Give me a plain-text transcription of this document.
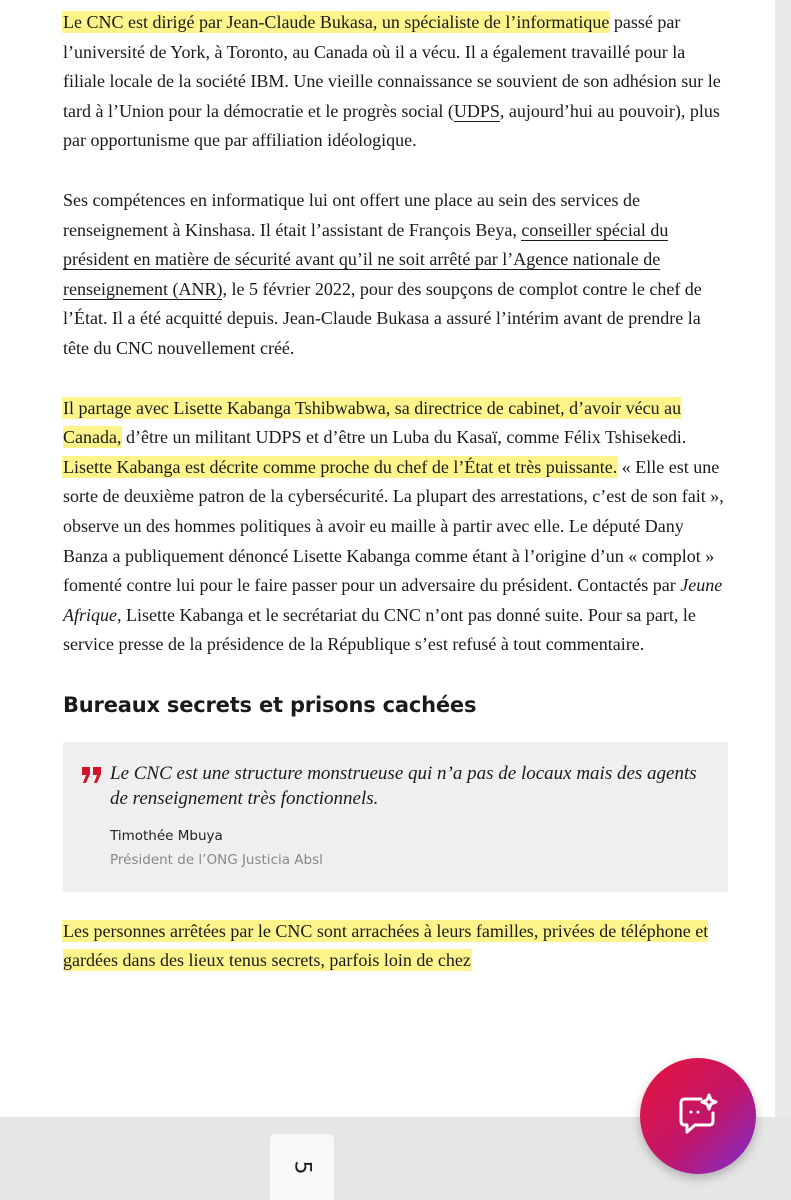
Le CNC est dirigé par Jean-Claude Bukasa, un spécialiste de l’informatique passé par l’université de York, à Toronto, au Canada où il a vécu. Il a également travaillé pour la filiale locale de la société IBM. Une vieille connaissance se souvient de son adhésion sur le tard à l’Union pour la démocratie et le progrès social (UDPS, aujourd’hui au pouvoir), plus par opportunisme que par affiliation idéologique.

Ses compétences en informatique lui ont offert une place au sein des services de renseignement à Kinshasa. Il était l’assistant de François Beya, conseiller spécial du président en matière de sécurité avant qu’il ne soit arrêté par l’Agence nationale de renseignement (ANR), le 5 février 2022, pour des soupçons de complot contre le chef de l’État. Il a été acquitté depuis. Jean-Claude Bukasa a assuré l’intérim avant de prendre la tête du CNC nouvellement créé.

Il partage avec Lisette Kabanga Tshibwabwa, sa directrice de cabinet, d’avoir vécu au Canada, d’être un militant UDPS et d’être un Luba du Kasaï, comme Félix Tshisekedi. Lisette Kabanga est décrite comme proche du chef de l’État et très puissante. « Elle est une sorte de deuxième patron de la cybersécurité. La plupart des arrestations, c’est de son fait », observe un des hommes politiques à avoir eu maille à partir avec elle. Le député Dany Banza a publiquement dénoncé Lisette Kabanga comme étant à l’origine d’un « complot » fomenté contre lui pour le faire passer pour un adversaire du président. Contactés par Jeune Afrique, Lisette Kabanga et le secrétariat du CNC n’ont pas donné suite. Pour sa part, le service presse de la présidence de la République s’est refusé à tout commentaire.

Bureaux secrets et prisons cachées
Le CNC est une structure monstrueuse qui n’a pas de locaux mais des agents de renseignement très fonctionnels.
Timothée Mbuya
Président de l’ONG Justicia Absl

Les personnes arrêtées par le CNC sont arrachées à leurs familles, privées de téléphone et gardées dans des lieux tenus secrets, parfois loin de chez

5
